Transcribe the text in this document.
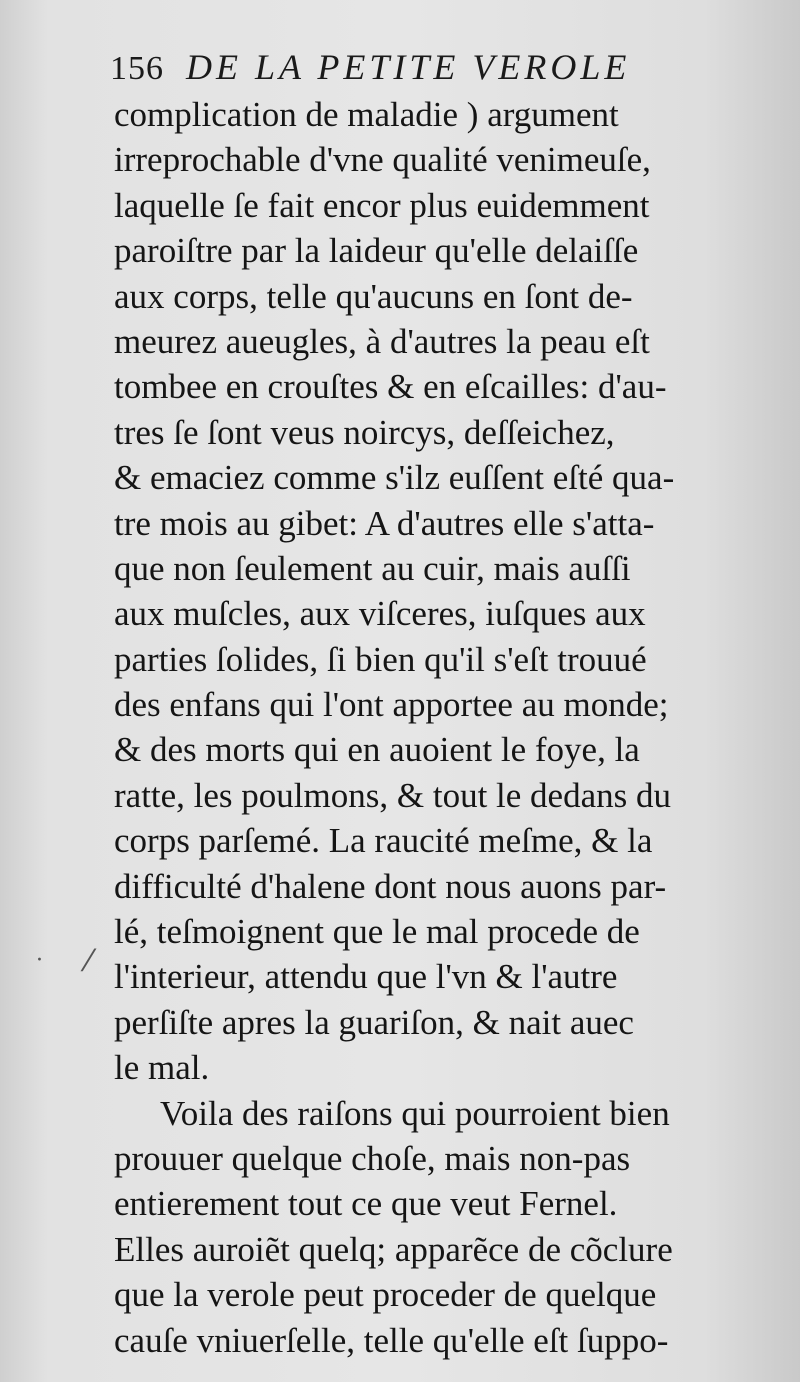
· ⁄
156 DE LA PETITE VEROLE
complication de maladie ) argument
irreprochable d'vne qualité venimeuſe,
laquelle ſe fait encor plus euidemment
paroiſtre par la laideur qu'elle delaiſſe
aux corps, telle qu'aucuns en ſont de-
meurez aueugles, à d'autres la peau eſt
tombee en crouſtes & en eſcailles: d'au-
tres ſe ſont veus noircys, deſſeichez,
& emaciez comme s'ilz euſſent eſté qua-
tre mois au gibet: A d'autres elle s'atta-
que non ſeulement au cuir, mais auſſi
aux muſcles, aux viſceres, iuſques aux
parties ſolides, ſi bien qu'il s'eſt trouué
des enfans qui l'ont apportee au monde;
& des morts qui en auoient le foye, la
ratte, les poulmons, & tout le dedans du
corps parſemé. La raucité meſme, & la
difficulté d'halene dont nous auons par-
lé, teſmoignent que le mal procede de
l'interieur, attendu que l'vn & l'autre
perſiſte apres la guariſon, & nait auec
le mal.
Voila des raiſons qui pourroient bien
prouuer quelque choſe, mais non-pas
entierement tout ce que veut Fernel.
Elles auroiẽt quelq; apparẽce de cõclure
que la verole peut proceder de quelque
cauſe vniuerſelle, telle qu'elle eſt ſuppo-
